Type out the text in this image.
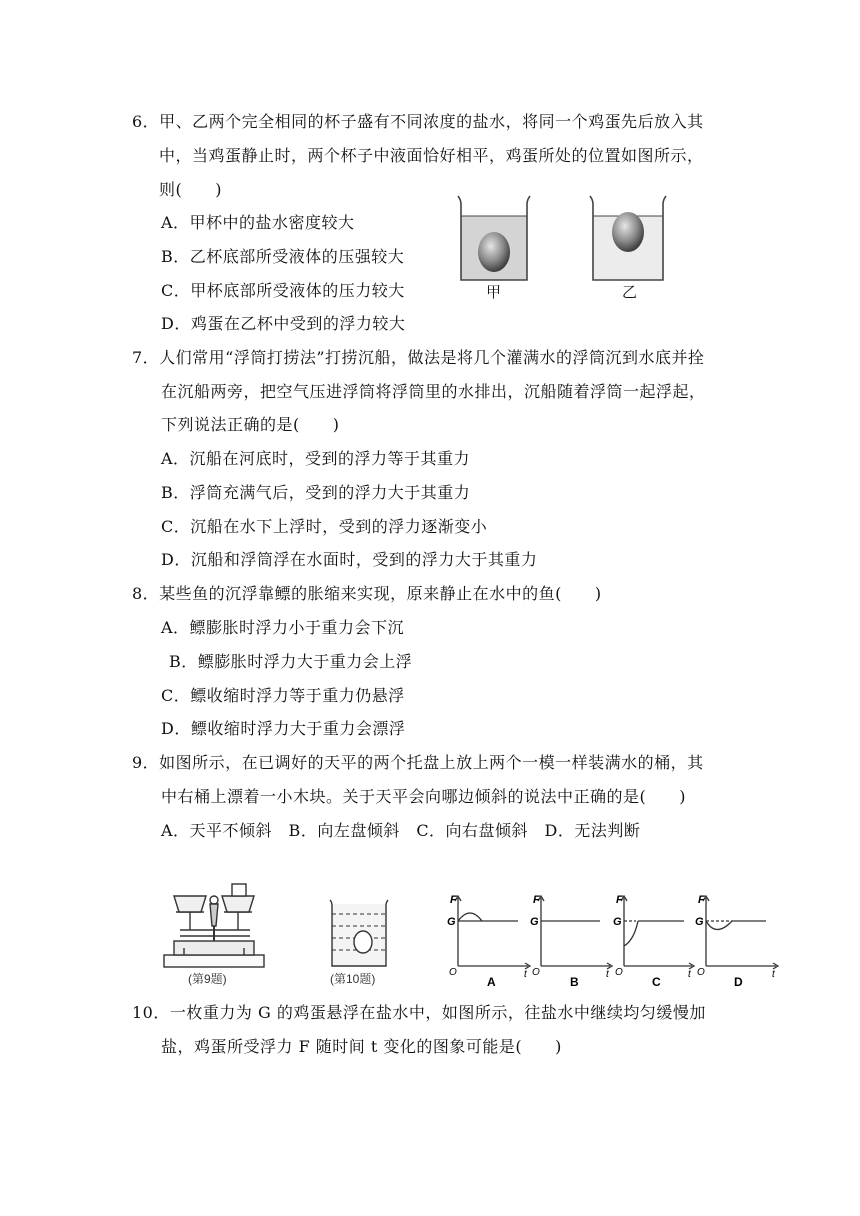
6．甲、乙两个完全相同的杯子盛有不同浓度的盐水，将同一个鸡蛋先后放入其
中，当鸡蛋静止时，两个杯子中液面恰好相平，鸡蛋所处的位置如图所示，
则(　　)
A．甲杯中的盐水密度较大
B．乙杯底部所受液体的压强较大
C．甲杯底部所受液体的压力较大
D．鸡蛋在乙杯中受到的浮力较大
甲	乙
7．人们常用“浮筒打捞法”打捞沉船，做法是将几个灌满水的浮筒沉到水底并拴
在沉船两旁，把空气压进浮筒将浮筒里的水排出，沉船随着浮筒一起浮起，
下列说法正确的是(　　)
A．沉船在河底时，受到的浮力等于其重力
B．浮筒充满气后，受到的浮力大于其重力
C．沉船在水下上浮时，受到的浮力逐渐变小
D．沉船和浮筒浮在水面时，受到的浮力大于其重力
8．某些鱼的沉浮靠鳔的胀缩来实现，原来静止在水中的鱼(　　)
A．鳔膨胀时浮力小于重力会下沉
B．鳔膨胀时浮力大于重力会上浮
C．鳔收缩时浮力等于重力仍悬浮
D．鳔收缩时浮力大于重力会漂浮
9．如图所示，在已调好的天平的两个托盘上放上两个一模一样装满水的桶，其
中右桶上漂着一小木块。关于天平会向哪边倾斜的说法中正确的是(　　)
A．天平不倾斜　B．向左盘倾斜　C．向右盘倾斜　D．无法判断
(第9题)	(第10题)
F
G
O	t
A
F
G
O	t
B
F
G
O	t
C
F
G
O	t
D
10．一枚重力为 G 的鸡蛋悬浮在盐水中，如图所示，往盐水中继续均匀缓慢加
盐，鸡蛋所受浮力 F 随时间 t 变化的图象可能是(　　)
